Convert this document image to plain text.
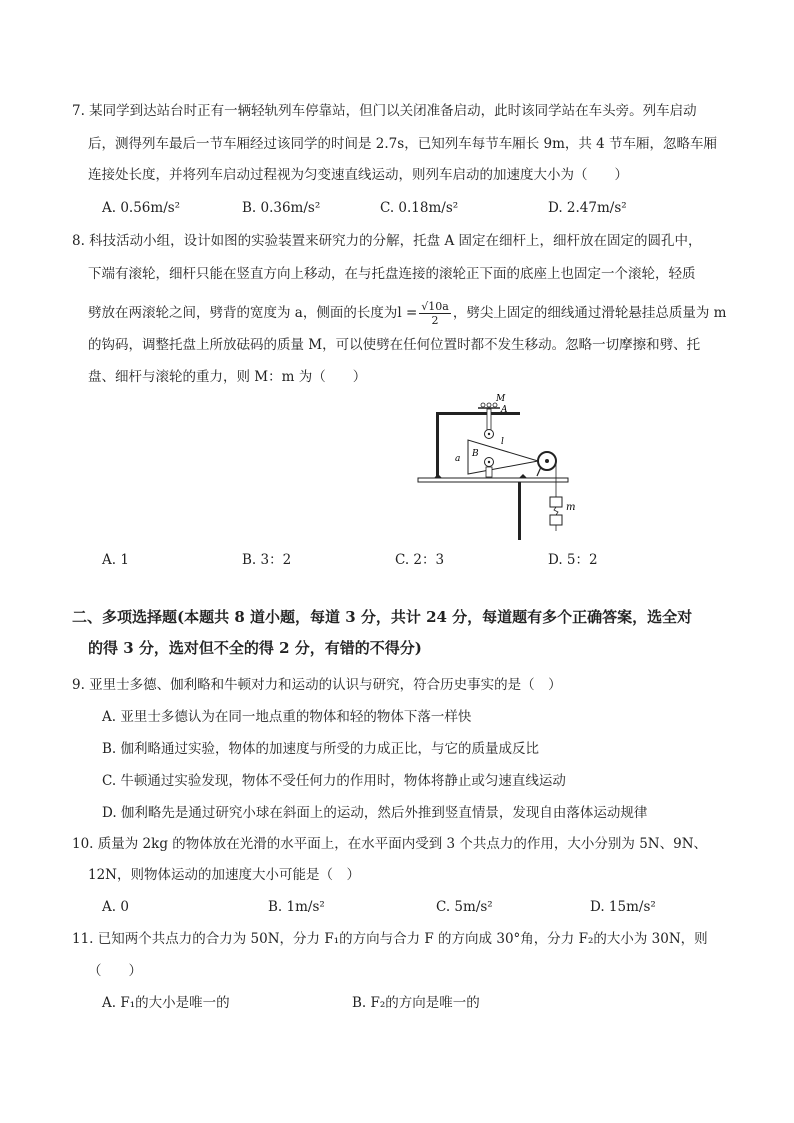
7. 某同学到达站台时正有一辆轻轨列车停靠站，但门以关闭准备启动，此时该同学站在车头旁。列车启动
后，测得列车最后一节车厢经过该同学的时间是 2.7s，已知列车每节车厢长 9m，共 4 节车厢，忽略车厢
连接处长度，并将列车启动过程视为匀变速直线运动，则列车启动的加速度大小为（　　）
A. 0.56m/s²	B. 0.36m/s²	C. 0.18m/s²	D. 2.47m/s²
8. 科技活动小组，设计如图的实验装置来研究力的分解，托盘 A 固定在细杆上，细杆放在固定的圆孔中，
下端有滚轮，细杆只能在竖直方向上移动，在与托盘连接的滚轮正下面的底座上也固定一个滚轮，轻质
劈放在两滚轮之间，劈背的宽度为 a，侧面的长度为$l = \frac{√10a}{2}$ ，劈尖上固定的细线通过滑轮悬挂总质量为 m
的钩码，调整托盘上所放砝码的质量 M，可以使劈在任何位置时都不发生移动。忽略一切摩擦和劈、托
盘、细杆与滚轮的重力，则 M：m 为（　　）
M
A
a B
l
m
A. 1	B. 3：2	C. 2：3	D. 5：2
二、多项选择题(本题共 8 道小题，每道 3 分，共计 24 分，每道题有多个正确答案，选全对
的得 3 分，选对但不全的得 2 分，有错的不得分)
9. 亚里士多德、伽利略和牛顿对力和运动的认识与研究，符合历史事实的是（　）
A. 亚里士多德认为在同一地点重的物体和轻的物体下落一样快
B. 伽利略通过实验，物体的加速度与所受的力成正比，与它的质量成反比
C. 牛顿通过实验发现，物体不受任何力的作用时，物体将静止或匀速直线运动
D. 伽利略先是通过研究小球在斜面上的运动，然后外推到竖直情景，发现自由落体运动规律
10. 质量为 2kg 的物体放在光滑的水平面上，在水平面内受到 3 个共点力的作用，大小分别为 5N、9N、
12N，则物体运动的加速度大小可能是（　）
A. 0	B. 1m/s²	C. 5m/s²	D. 15m/s²
11. 已知两个共点力的合力为 50N，分力 F₁的方向与合力 F 的方向成 30°角，分力 F₂的大小为 30N，则
（　　）
A. F₁的大小是唯一的	B. F₂的方向是唯一的
